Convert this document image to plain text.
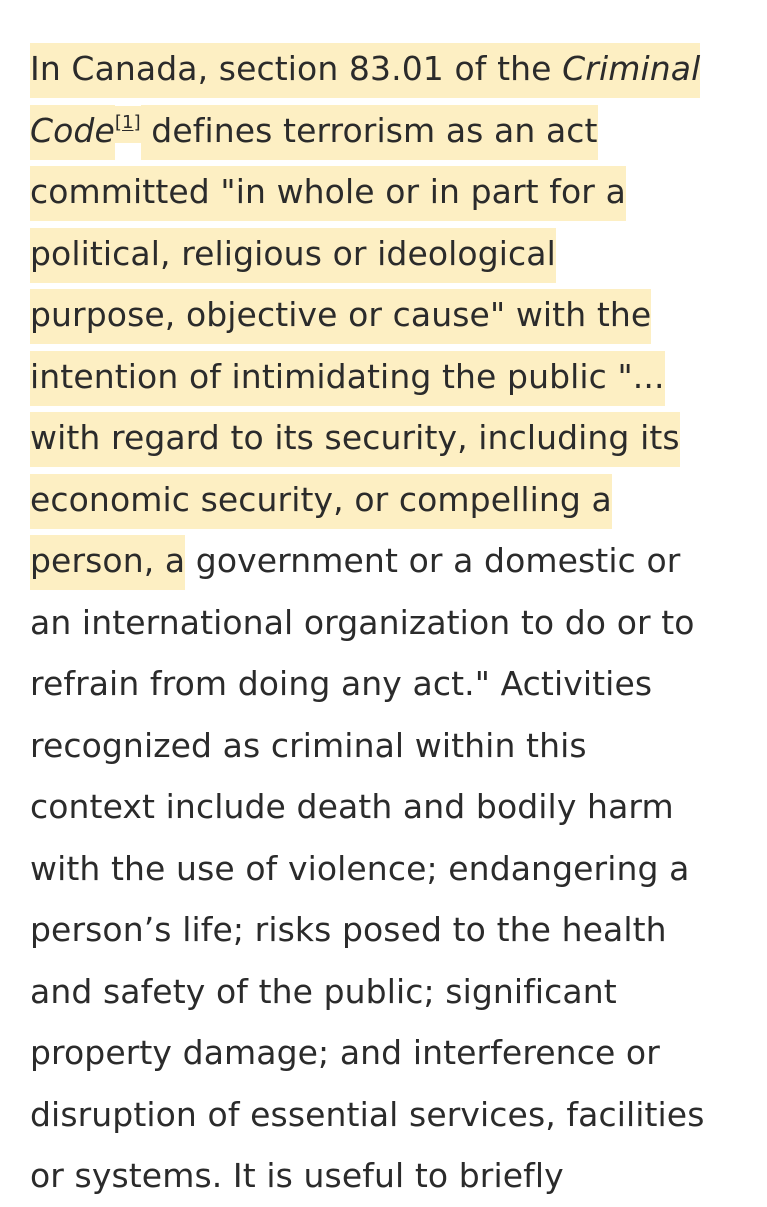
In Canada, section 83.01 of the Criminal
Code[1] defines terrorism as an act
committed "in whole or in part for a
political, religious or ideological
purpose, objective or cause" with the
intention of intimidating the public "...
with regard to its security, including its
economic security, or compelling a
person, a government or a domestic or
an international organization to do or to
refrain from doing any act." Activities
recognized as criminal within this
context include death and bodily harm
with the use of violence; endangering a
person’s life; risks posed to the health
and safety of the public; significant
property damage; and interference or
disruption of essential services, facilities
or systems. It is useful to briefly
